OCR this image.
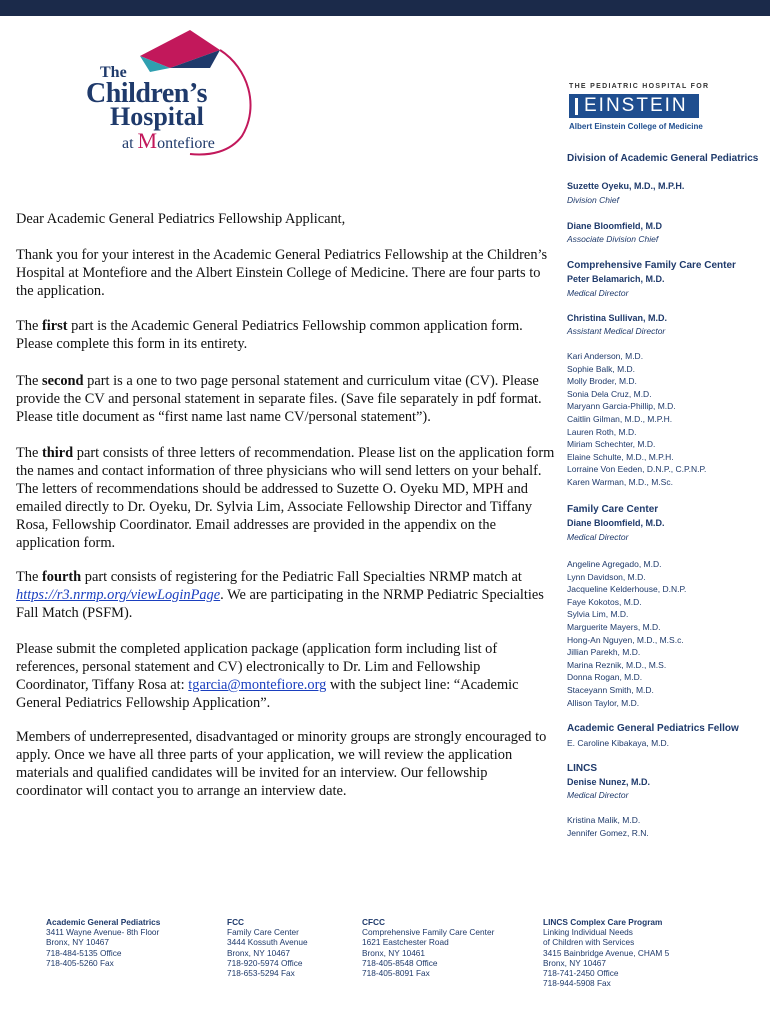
The
Children’s
Hospital
at Montefiore
THE PEDIATRIC HOSPITAL FOR
EINSTEIN
Albert Einstein College of Medicine
Division of Academic General Pediatrics
Suzette Oyeku, M.D., M.P.H.
Division Chief
Diane Bloomfield, M.D
Associate Division Chief
Comprehensive Family Care Center
Peter Belamarich, M.D.
Medical Director
Christina Sullivan, M.D.
Assistant Medical Director
Kari Anderson, M.D.
Sophie Balk, M.D.
Molly Broder, M.D.
Sonia Dela Cruz, M.D.
Maryann Garcia-Phillip, M.D.
Caitlin Gilman, M.D., M.P.H.
Lauren Roth, M.D.
Miriam Schechter, M.D.
Elaine Schulte, M.D., M.P.H.
Lorraine Von Eeden, D.N.P., C.P.N.P.
Karen Warman, M.D., M.Sc.
Family Care Center
Diane Bloomfield, M.D.
Medical Director
Angeline Agregado, M.D.
Lynn Davidson, M.D.
Jacqueline Kelderhouse, D.N.P.
Faye Kokotos, M.D.
Sylvia Lim, M.D.
Marguerite Mayers, M.D.
Hong-An Nguyen, M.D., M.S.c.
Jillian Parekh, M.D.
Marina Reznik, M.D., M.S.
Donna Rogan, M.D.
Staceyann Smith, M.D.
Allison Taylor, M.D.
Academic General Pediatrics Fellow
E. Caroline Kibakaya, M.D.
LINCS
Denise Nunez, M.D.
Medical Director
Kristina Malik, M.D.
Jennifer Gomez, R.N.

Dear Academic General Pediatrics Fellowship Applicant,

Thank you for your interest in the Academic General Pediatrics Fellowship at the Children’s Hospital at Montefiore and the Albert Einstein College of Medicine. There are four parts to the application.

The first part is the Academic General Pediatrics Fellowship common application form. Please complete this form in its entirety.

The second part is a one to two page personal statement and curriculum vitae (CV). Please provide the CV and personal statement in separate files. (Save file separately in pdf format. Please title document as “first name last name CV/personal statement”).

The third part consists of three letters of recommendation. Please list on the application form the names and contact information of three physicians who will send letters on your behalf. The letters of recommendations should be addressed to Suzette O. Oyeku MD, MPH and emailed directly to Dr. Oyeku, Dr. Sylvia Lim, Associate Fellowship Director and Tiffany Rosa, Fellowship Coordinator. Email addresses are provided in the appendix on the application form.

The fourth part consists of registering for the Pediatric Fall Specialties NRMP match at https://r3.nrmp.org/viewLoginPage. We are participating in the NRMP Pediatric Specialties Fall Match (PSFM).

Please submit the completed application package (application form including list of references, personal statement and CV) electronically to Dr. Lim and Fellowship Coordinator, Tiffany Rosa at: tgarcia@montefiore.org with the subject line: “Academic General Pediatrics Fellowship Application”.

Members of underrepresented, disadvantaged or minority groups are strongly encouraged to apply. Once we have all three parts of your application, we will review the application materials and qualified candidates will be invited for an interview. Our fellowship coordinator will contact you to arrange an interview date.

Academic General Pediatrics
3411 Wayne Avenue- 8th Floor
Bronx, NY 10467
718-484-5135 Office
718-405-5260 Fax
FCC
Family Care Center
3444 Kossuth Avenue
Bronx, NY 10467
718-920-5974 Office
718-653-5294 Fax
CFCC
Comprehensive Family Care Center
1621 Eastchester Road
Bronx, NY 10461
718-405-8548 Office
718-405-8091 Fax
LINCS Complex Care Program
Linking Individual Needs
of Children with Services
3415 Bainbridge Avenue, CHAM 5
Bronx, NY 10467
718-741-2450 Office
718-944-5908 Fax
